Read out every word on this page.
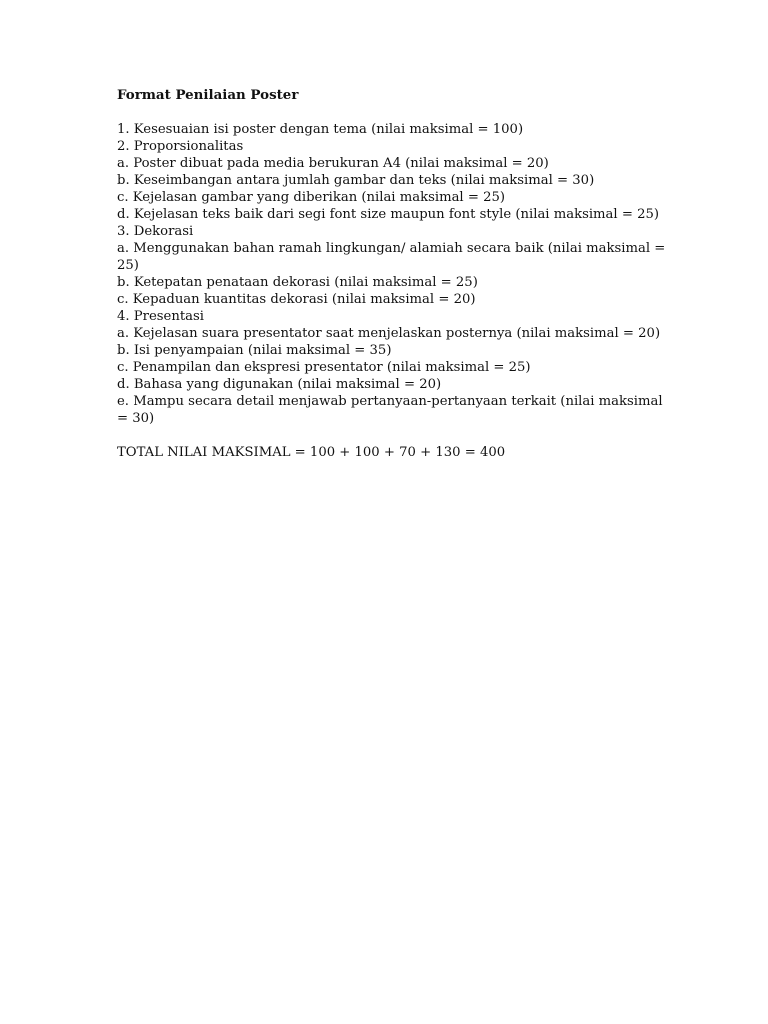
Format Penilaian Poster

1. Kesesuaian isi poster dengan tema (nilai maksimal = 100)

2. Proporsionalitas

a. Poster dibuat pada media berukuran A4 (nilai maksimal = 20)

b. Keseimbangan antara jumlah gambar dan teks (nilai maksimal = 30)

c. Kejelasan gambar yang diberikan (nilai maksimal = 25)

d. Kejelasan teks baik dari segi font size maupun font style (nilai maksimal = 25)

3. Dekorasi

a. Menggunakan bahan ramah lingkungan/ alamiah secara baik (nilai maksimal = 25)

b. Ketepatan penataan dekorasi (nilai maksimal = 25)

c. Kepaduan kuantitas dekorasi (nilai maksimal = 20)

4. Presentasi

a. Kejelasan suara presentator saat menjelaskan posternya (nilai maksimal = 20)

b. Isi penyampaian (nilai maksimal = 35)

c. Penampilan dan ekspresi presentator (nilai maksimal = 25)

d. Bahasa yang digunakan (nilai maksimal = 20)

e. Mampu secara detail menjawab pertanyaan-pertanyaan terkait (nilai maksimal = 30)

TOTAL NILAI MAKSIMAL = 100 + 100 + 70 + 130 = 400
